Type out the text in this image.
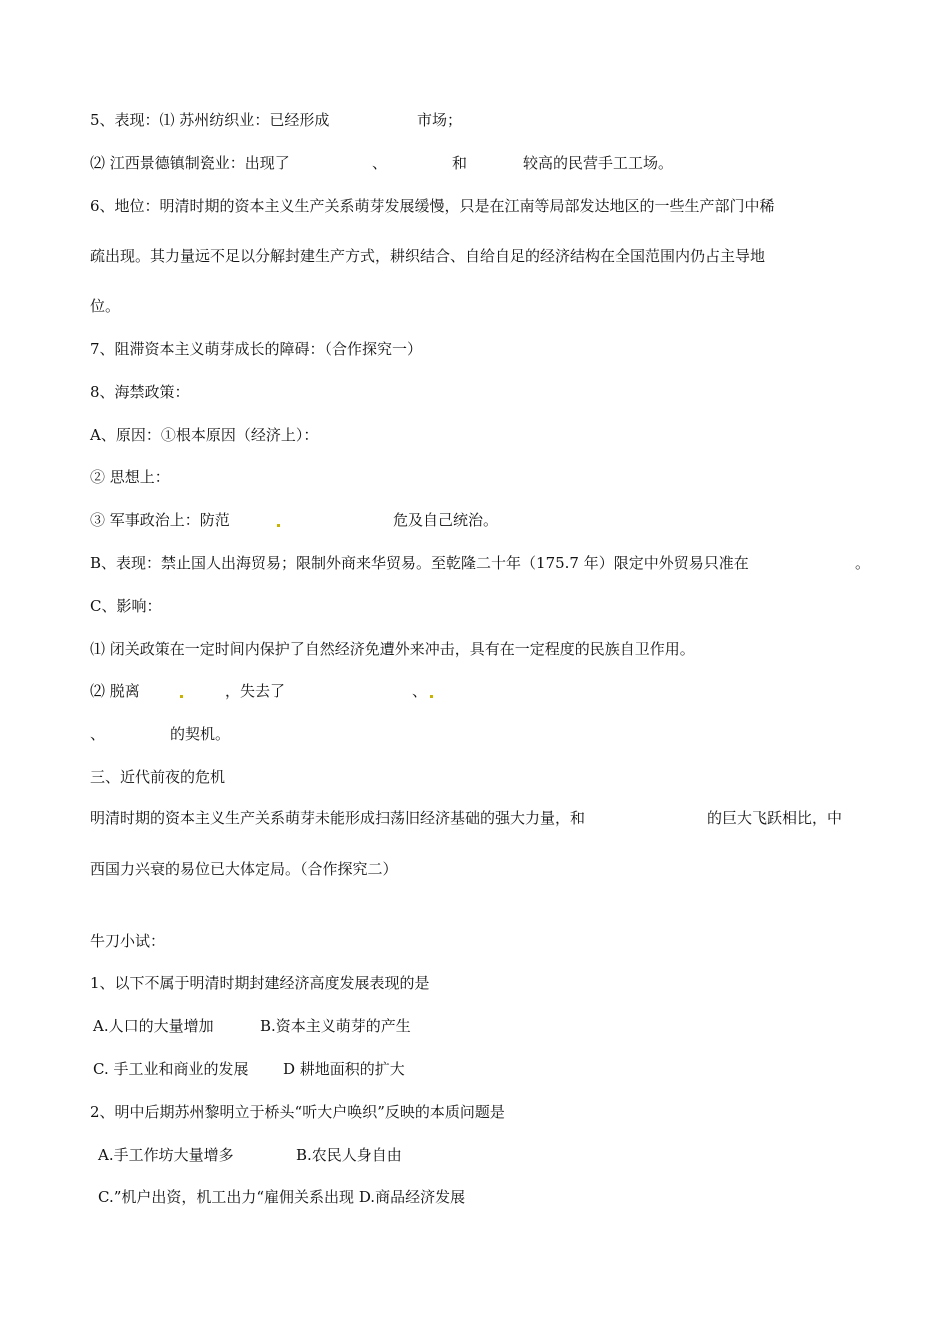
5、表现：⑴ 苏州纺织业：已经形成	市场；
⑵ 江西景德镇制瓷业：出现了	、	和	较高的民营手工工场。
6、地位：明清时期的资本主义生产关系萌芽发展缓慢，只是在江南等局部发达地区的一些生产部门中稀
疏出现。其力量远不足以分解封建生产方式，耕织结合、自给自足的经济结构在全国范围内仍占主导地
位。
7、阻滞资本主义萌芽成长的障碍：（合作探究一）
8、海禁政策：
A、原因：①根本原因（经济上）：
② 思想上：
③ 军事政治上：防范	危及自己统治。
B、表现：禁止国人出海贸易；限制外商来华贸易。至乾隆二十年（175.7 年）限定中外贸易只准在	。
C、影响：
⑴ 闭关政策在一定时间内保护了自然经济免遭外来冲击，具有在一定程度的民族自卫作用。
⑵ 脱离	，失去了	、
、	的契机。
三、近代前夜的危机
明清时期的资本主义生产关系萌芽未能形成扫荡旧经济基础的强大力量，和	的巨大飞跃相比，中
西国力兴衰的易位已大体定局。（合作探究二）
牛刀小试：
1、以下不属于明清时期封建经济高度发展表现的是
A.人口的大量增加	B.资本主义萌芽的产生
C. 手工业和商业的发展 D 耕地面积的扩大
2、明中后期苏州黎明立于桥头“听大户唤织”反映的本质问题是
A.手工作坊大量增多	B.农民人身自由
C.”机户出资，机工出力“雇佣关系出现 D.商品经济发展
